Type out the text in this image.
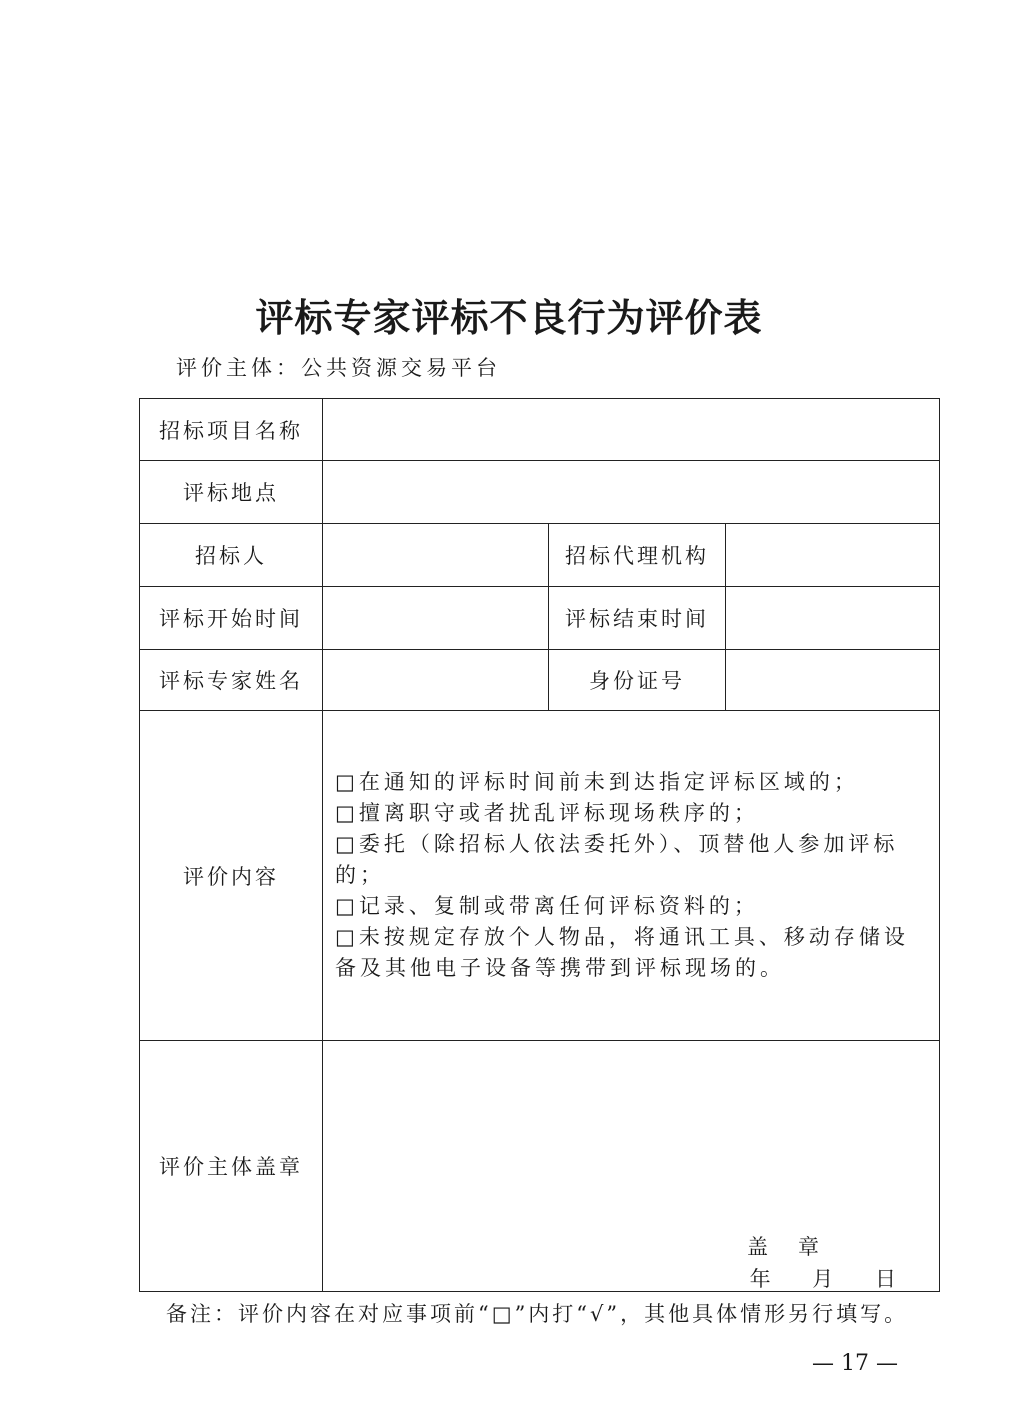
评标专家评标不良行为评价表
评价主体：公共资源交易平台
招标项目名称			
评标地点			
招标人		招标代理机构	
评标开始时间		评标结束时间	
评标专家姓名		身份证号	
评价内容	□在通知的评标时间前未到达指定评标区域的；
□擅离职守或者扰乱评标现场秩序的；
□委托（除招标人依法委托外）、顶替他人参加评标的；
□记录、复制或带离任何评标资料的；
□未按规定存放个人物品，将通讯工具、移动存储设备及其他电子设备等携带到评标现场的。		

评价主体盖章	盖章
年    月    日		
备注：评价内容在对应事项前“□”内打“√”，其他具体情形另行填写。
— 17 —
